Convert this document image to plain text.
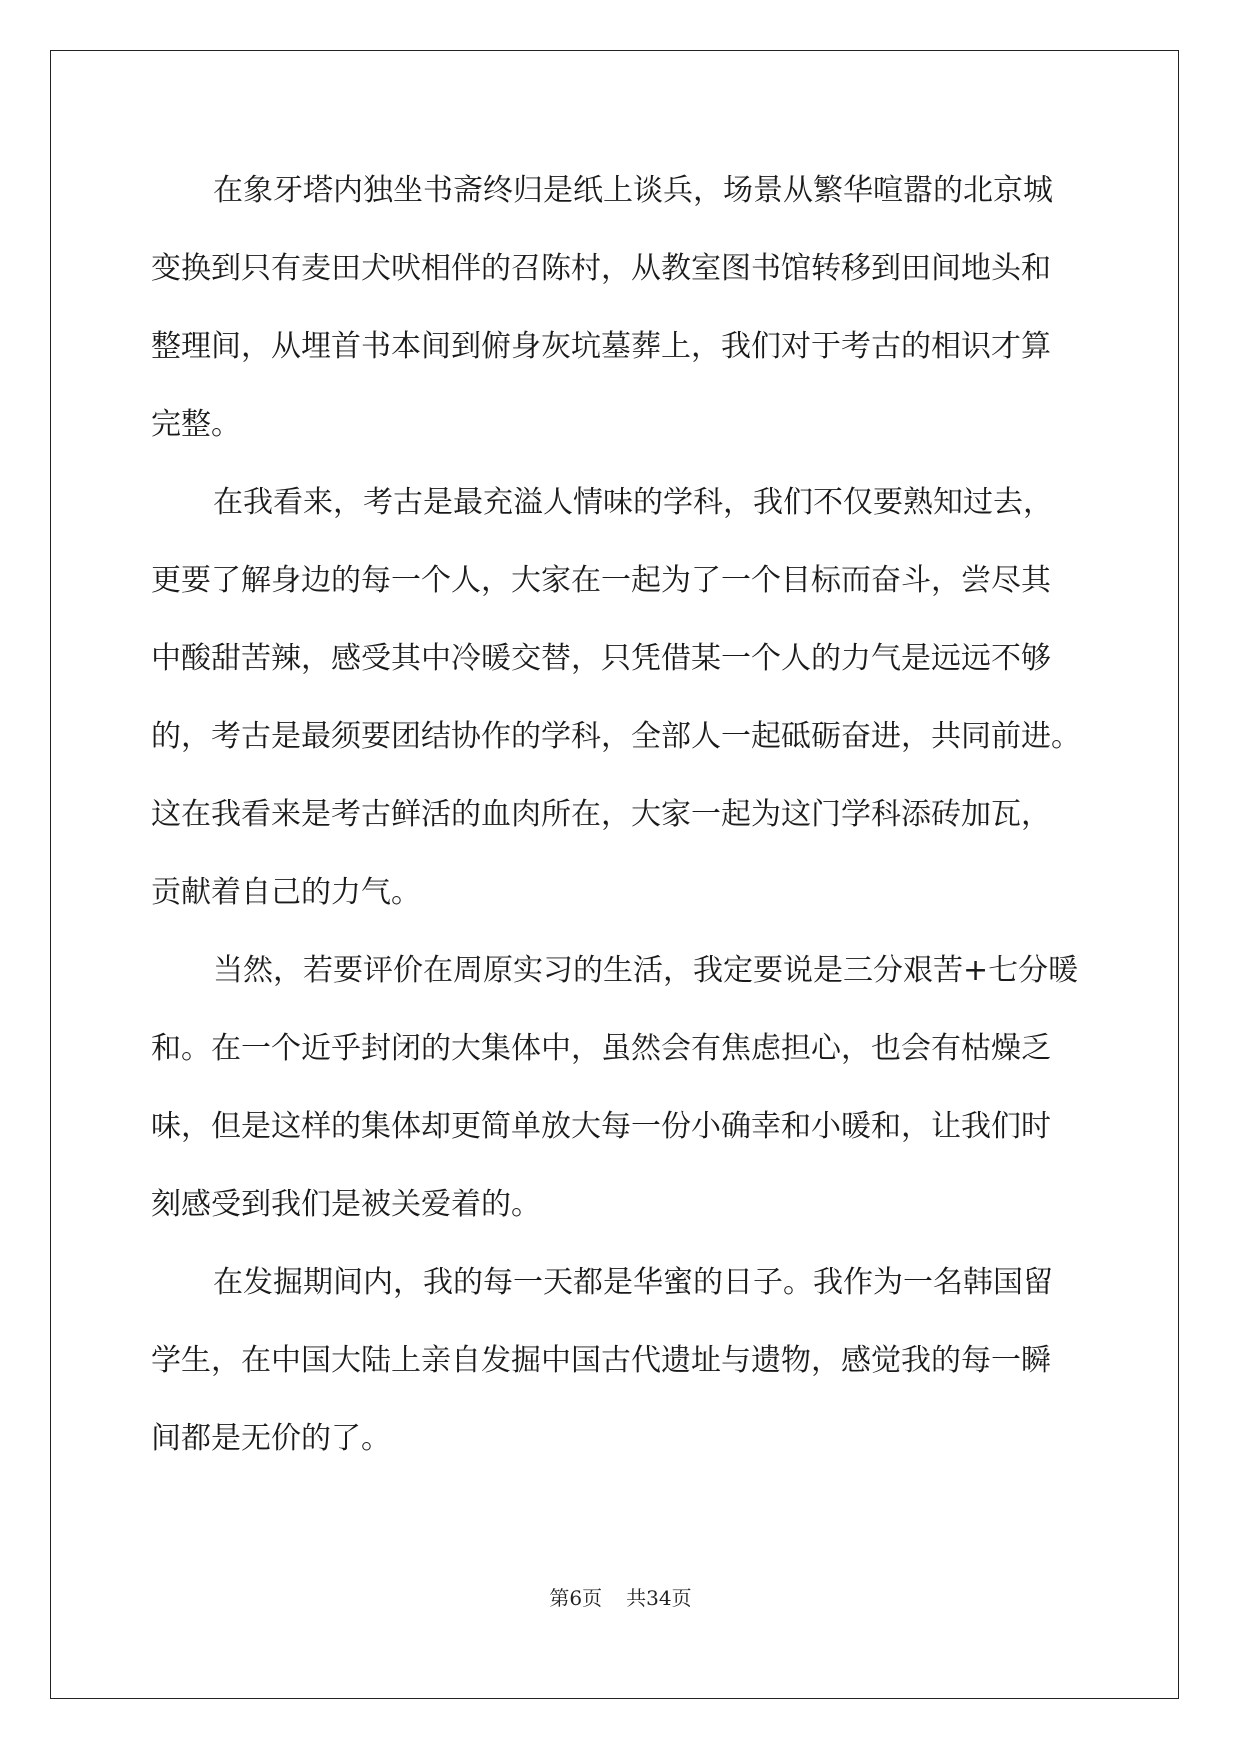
在象牙塔内独坐书斋终归是纸上谈兵，场景从繁华喧嚣的北京城
变换到只有麦田犬吠相伴的召陈村，从教室图书馆转移到田间地头和
整理间，从埋首书本间到俯身灰坑墓葬上，我们对于考古的相识才算
完整。
在我看来，考古是最充溢人情味的学科，我们不仅要熟知过去，
更要了解身边的每一个人，大家在一起为了一个目标而奋斗，尝尽其
中酸甜苦辣，感受其中冷暖交替，只凭借某一个人的力气是远远不够
的，考古是最须要团结协作的学科，全部人一起砥砺奋进，共同前进。
这在我看来是考古鲜活的血肉所在，大家一起为这门学科添砖加瓦，
贡献着自己的力气。
当然，若要评价在周原实习的生活，我定要说是三分艰苦+七分暖
和。在一个近乎封闭的大集体中，虽然会有焦虑担心，也会有枯燥乏
味，但是这样的集体却更简单放大每一份小确幸和小暖和，让我们时
刻感受到我们是被关爱着的。
在发掘期间内，我的每一天都是华蜜的日子。我作为一名韩国留
学生，在中国大陆上亲自发掘中国古代遗址与遗物，感觉我的每一瞬
间都是无价的了。
第6页 共34页
